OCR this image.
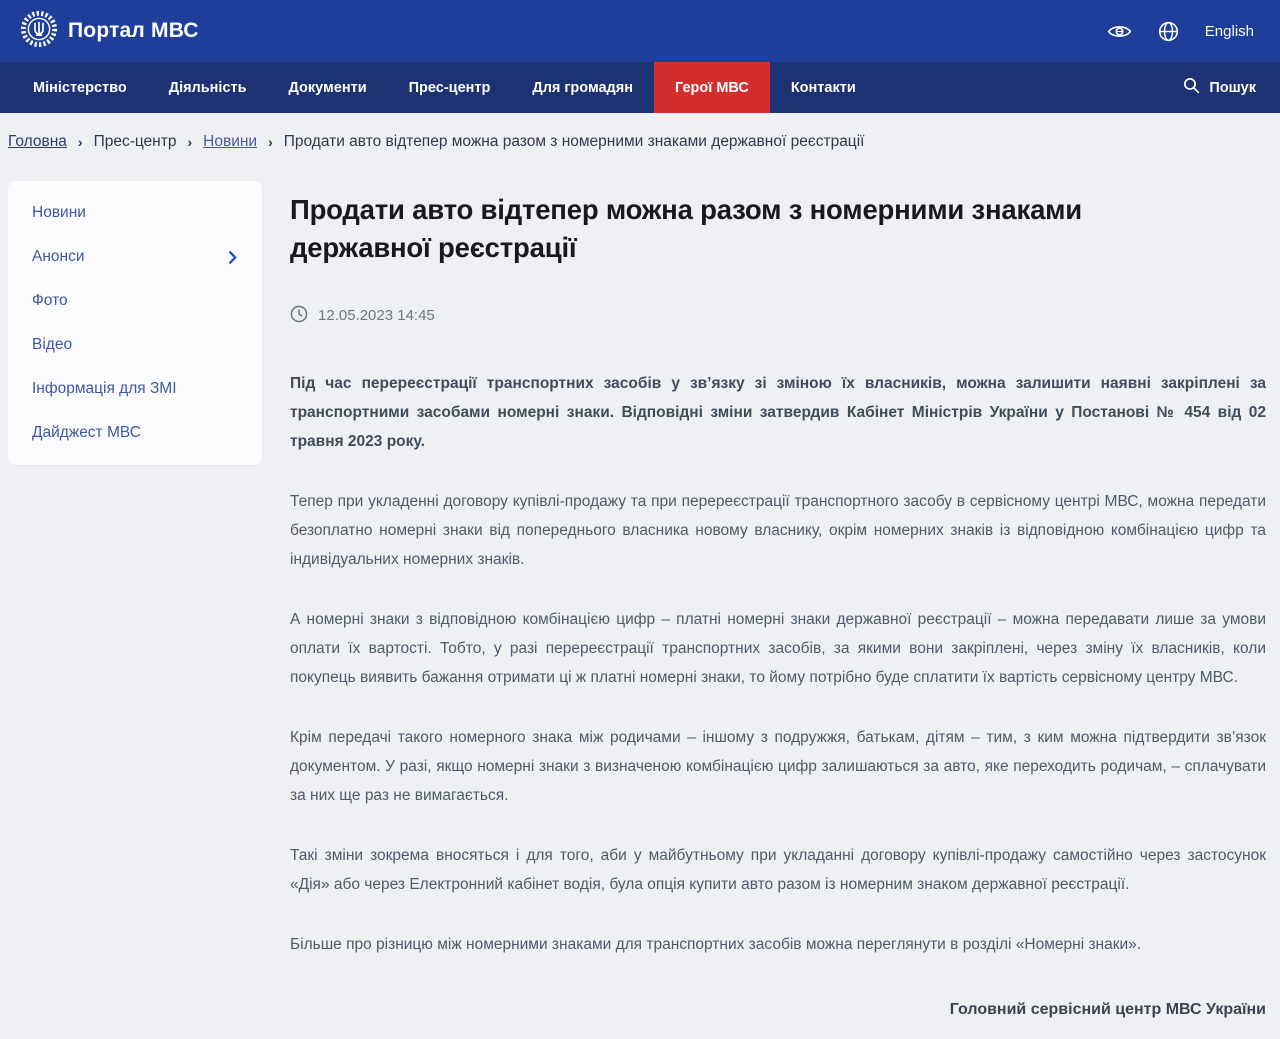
Портал МВС	English
Міністерство	Діяльність	Документи	Прес-центр	Для громадян	Герої МВС	Контакти	Пошук
Головна › Прес-центр › Новини › Продати авто відтепер можна разом з номерними знаками державної реєстрації
Новини
Анонси
Фото
Відео
Інформація для ЗМІ
Дайджест МВС
Продати авто відтепер можна разом з номерними знаками державної реєстрації
12.05.2023 14:45

Під час перереєстрації транспортних засобів у зв’язку зі зміною їх власників, можна залишити наявні закріплені за транспортними засобами номерні знаки. Відповідні зміни затвердив Кабінет Міністрів України у Постанові № 454 від 02 травня 2023 року.

Тепер при укладенні договору купівлі-продажу та при перереєстрації транспортного засобу в сервісному центрі МВС, можна передати безоплатно номерні знаки від попереднього власника новому власнику, окрім номерних знаків із відповідною комбінацією цифр та індивідуальних номерних знаків.

А номерні знаки з відповідною комбінацією цифр – платні номерні знаки державної реєстрації – можна передавати лише за умови оплати їх вартості. Тобто, у разі перереєстрації транспортних засобів, за якими вони закріплені, через зміну їх власників, коли покупець виявить бажання отримати ці ж платні номерні знаки, то йому потрібно буде сплатити їх вартість сервісному центру МВС.

Крім передачі такого номерного знака між родичами – іншому з подружжя, батькам, дітям – тим, з ким можна підтвердити зв’язок документом. У разі, якщо номерні знаки з визначеною комбінацією цифр залишаються за авто, яке переходить родичам, – сплачувати за них ще раз не вимагається.

Такі зміни зокрема вносяться і для того, аби у майбутньому при укладанні договору купівлі-продажу самостійно через застосунок «Дія» або через Електронний кабінет водія, була опція купити авто разом із номерним знаком державної реєстрації.

Більше про різницю між номерними знаками для транспортних засобів можна переглянути в розділі «Номерні знаки».

Головний сервісний центр МВС України
